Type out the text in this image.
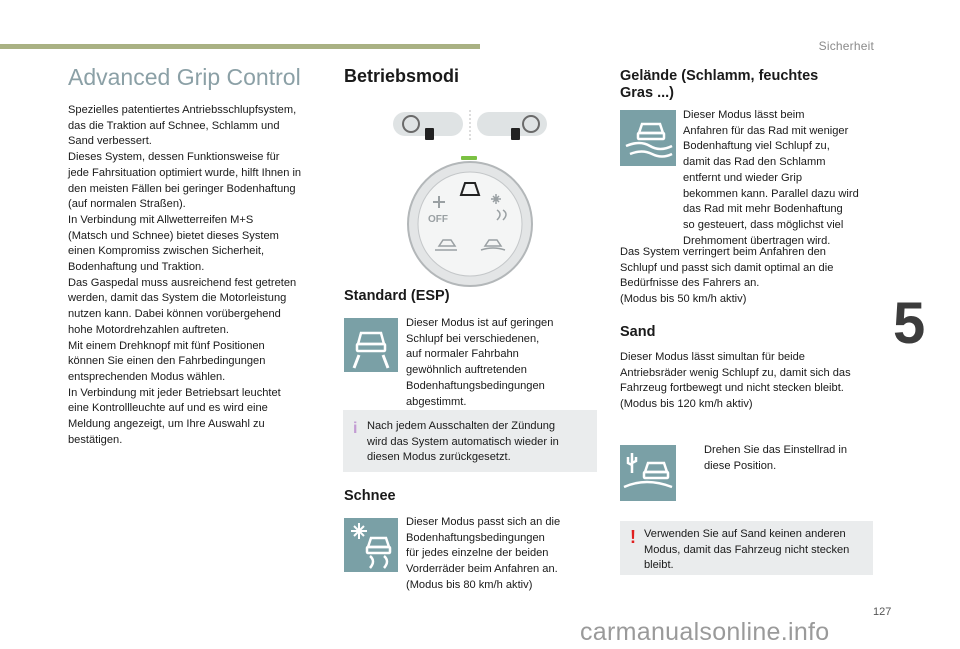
Sicherheit
5
127
carmanualsonline.info
Advanced Grip Control
Spezielles patentiertes Antriebsschlupfsystem,
das die Traktion auf Schnee, Schlamm und
Sand verbessert.
Dieses System, dessen Funktionsweise für
jede Fahrsituation optimiert wurde, hilft Ihnen in
den meisten Fällen bei geringer Bodenhaftung
(auf normalen Straßen).
In Verbindung mit Allwetterreifen M+S
(Matsch und Schnee) bietet dieses System
einen Kompromiss zwischen Sicherheit,
Bodenhaftung und Traktion.
Das Gaspedal muss ausreichend fest getreten
werden, damit das System die Motorleistung
nutzen kann. Dabei können vorübergehend
hohe Motordrehzahlen auftreten.
Mit einem Drehknopf mit fünf Positionen
können Sie einen den Fahrbedingungen
entsprechenden Modus wählen.
In Verbindung mit jeder Betriebsart leuchtet
eine Kontrollleuchte auf und es wird eine
Meldung angezeigt, um Ihre Auswahl zu
bestätigen.
Betriebsmodi
OFF
Standard (ESP)
Dieser Modus ist auf geringen
Schlupf bei verschiedenen,
auf normaler Fahrbahn
gewöhnlich auftretenden
Bodenhaftungsbedingungen
abgestimmt.
i Nach jedem Ausschalten der Zündung
wird das System automatisch wieder in
diesen Modus zurückgesetzt.
Schnee
Dieser Modus passt sich an die
Bodenhaftungsbedingungen
für jedes einzelne der beiden
Vorderräder beim Anfahren an.
(Modus bis 80 km/h aktiv)
Gelände (Schlamm, feuchtes
Gras ...)
Dieser Modus lässt beim
Anfahren für das Rad mit weniger
Bodenhaftung viel Schlupf zu,
damit das Rad den Schlamm
entfernt und wieder Grip
bekommen kann. Parallel dazu wird
das Rad mit mehr Bodenhaftung
so gesteuert, dass möglichst viel
Drehmoment übertragen wird.
Das System verringert beim Anfahren den
Schlupf und passt sich damit optimal an die
Bedürfnisse des Fahrers an.
(Modus bis 50 km/h aktiv)
Sand
Dieser Modus lässt simultan für beide
Antriebsräder wenig Schlupf zu, damit sich das
Fahrzeug fortbewegt und nicht stecken bleibt.
(Modus bis 120 km/h aktiv)
Drehen Sie das Einstellrad in
diese Position.
! Verwenden Sie auf Sand keinen anderen
Modus, damit das Fahrzeug nicht stecken
bleibt.
